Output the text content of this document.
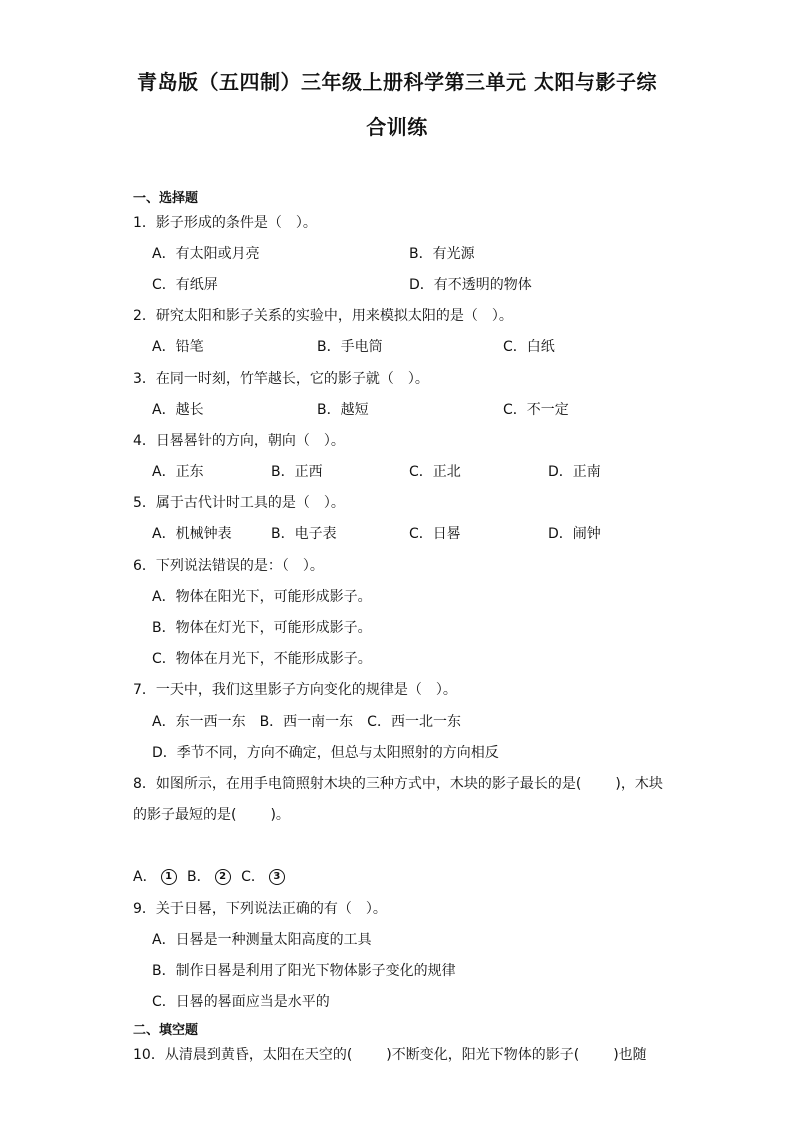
青岛版（五四制）三年级上册科学第三单元 太阳与影子综
合训练
一、选择题
1．影子形成的条件是（　）。
A．有太阳或月亮	B．有光源
C．有纸屏	D．有不透明的物体
2．研究太阳和影子关系的实验中，用来模拟太阳的是（　）。
A．铅笔	B．手电筒	C．白纸
3．在同一时刻，竹竿越长，它的影子就（　）。
A．越长	B．越短	C．不一定
4．日晷晷针的方向，朝向（　）。
A．正东	B．正西	C．正北	D．正南
5．属于古代计时工具的是（　）。
A．机械钟表	B．电子表	C．日晷	D．闹钟
6．下列说法错误的是：（　）。
A．物体在阳光下，可能形成影子。
B．物体在灯光下，可能形成影子。
C．物体在月光下，不能形成影子。
7．一天中，我们这里影子方向变化的规律是（　）。
A．东一西一东　B．西一南一东　C．西一北一东
D．季节不同，方向不确定，但总与太阳照射的方向相反
8．如图所示，在用手电筒照射木块的三种方式中，木块的影子最长的是( )，木块
的影子最短的是( )。
A． 1 B． 2 C． 3
9．关于日晷，下列说法正确的有（　）。
A．日晷是一种测量太阳高度的工具
B．制作日晷是利用了阳光下物体影子变化的规律
C．日晷的晷面应当是水平的
二、填空题
10．从清晨到黄昏，太阳在天空的( )不断变化，阳光下物体的影子( )也随
